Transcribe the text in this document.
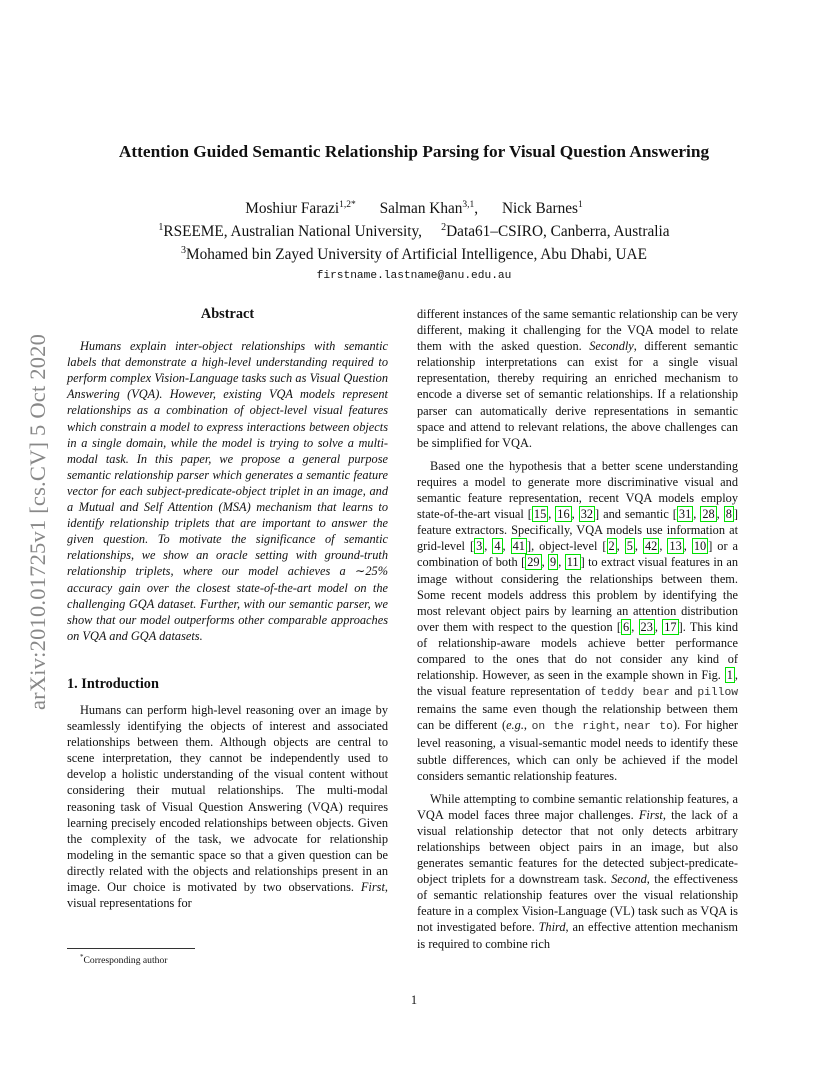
arXiv:2010.01725v1 [cs.CV] 5 Oct 2020
Attention Guided Semantic Relationship Parsing for Visual Question Answering
Moshiur Farazi$^{1,2*}$ Salman Khan$^{3,1}$, Nick Barnes$^1$
$^1$RSEEME, Australian National University, $^2$Data61–CSIRO, Canberra, Australia
$^3$Mohamed bin Zayed University of Artificial Intelligence, Abu Dhabi, UAE
firstname.lastname@anu.edu.au
Abstract

Humans explain inter-object relationships with semantic labels that demonstrate a high-level understanding required to perform complex Vision-Language tasks such as Visual Question Answering (VQA). However, existing VQA models represent relationships as a combination of object-level visual features which constrain a model to express interactions between objects in a single domain, while the model is trying to solve a multi-modal task. In this paper, we propose a general purpose semantic relationship parser which generates a semantic feature vector for each subject-predicate-object triplet in an image, and a Mutual and Self Attention (MSA) mechanism that learns to identify relationship triplets that are important to answer the given question. To motivate the significance of semantic relationships, we show an oracle setting with ground-truth relationship triplets, where our model achieves a ∼25% accuracy gain over the closest state-of-the-art model on the challenging GQA dataset. Further, with our semantic parser, we show that our model outperforms other comparable approaches on VQA and GQA datasets.

1. Introduction

Humans can perform high-level reasoning over an image by seamlessly identifying the objects of interest and associated relationships between them. Although objects are central to scene interpretation, they cannot be independently used to develop a holistic understanding of the visual content without considering their mutual relationships. The multi-modal reasoning task of Visual Question Answering (VQA) requires learning precisely encoded relationships between objects. Given the complexity of the task, we advocate for relationship modeling in the semantic space so that a given question can be directly related with the objects and relationships present in an image. Our choice is motivated by two observations. First, visual representations for

*Corresponding author

different instances of the same semantic relationship can be very different, making it challenging for the VQA model to relate them with the asked question. Secondly, different semantic relationship interpretations can exist for a single visual representation, thereby requiring an enriched mechanism to encode a diverse set of semantic relationships. If a relationship parser can automatically derive representations in semantic space and attend to relevant relations, the above challenges can be simplified for VQA.

Based one the hypothesis that a better scene understanding requires a model to generate more discriminative visual and semantic feature representation, recent VQA models employ state-of-the-art visual [ 15 , 16 , 32 ] and semantic [ 31 , 28 , 8 ] feature extractors. Specifically, VQA models use information at grid-level [ 3 , 4 , 41 ], object-level [ 2 , 5 , 42 , 13 , 10 ] or a combination of both [ 29 , 9 , 11 ] to extract visual features in an image without considering the relationships between them. Some recent models address this problem by identifying the most relevant object pairs by learning an attention distribution over them with respect to the question [ 6 , 23 , 17 ]. This kind of relationship-aware models achieve better performance compared to the ones that do not consider any kind of relationship. However, as seen in the example shown in Fig. 1 , the visual feature representation of teddy bear and pillow remains the same even though the relationship between them can be different (e.g., on the right, near to). For higher level reasoning, a visual-semantic model needs to identify these subtle differences, which can only be achieved if the model considers semantic relationship features.

While attempting to combine semantic relationship features, a VQA model faces three major challenges. First, the lack of a visual relationship detector that not only detects arbitrary relationships between object pairs in an image, but also generates semantic features for the detected subject-predicate-object triplets for a downstream task. Second, the effectiveness of semantic relationship features over the visual relationship feature in a complex Vision-Language (VL) task such as VQA is not investigated before. Third, an effective attention mechanism is required to combine rich

1
